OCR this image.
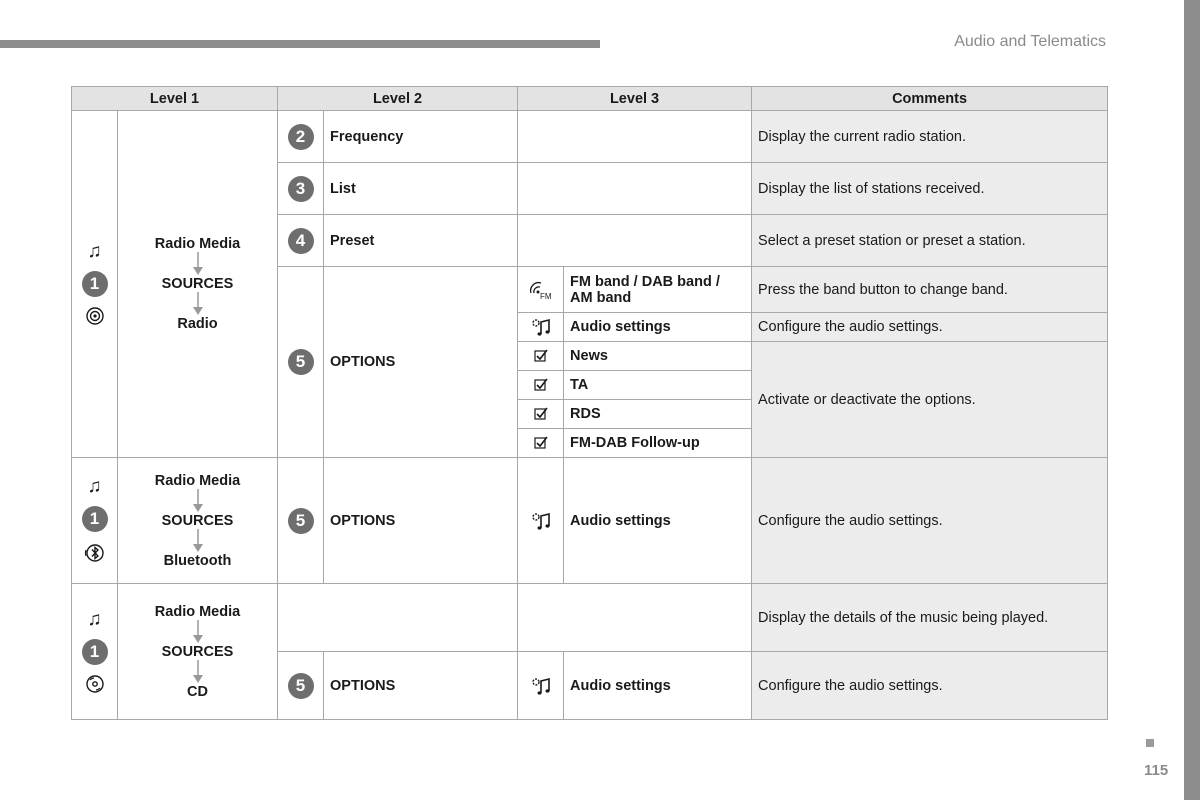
Audio and Telematics
Level 1		Level 2		Level 3		Comments

♫
1	Radio Media
SOURCES
Radio	2	Frequency			Display the current radio station.
		3	List			Display the list of stations received.
		4	Preset			Select a preset station or preset a station.
		5	OPTIONS	FM	FM band / DAB band / AM band	Press the band button to change band.
	Audio settings	Configure the audio settings.
	News	Activate or deactivate the options.
	TA	
	RDS	
	FM-DAB Follow-up	

♫
1	Radio Media
SOURCES
Bluetooth	5	OPTIONS		Audio settings	Configure the audio settings.

♫
1	Radio Media
SOURCES
CD					Display the details of the music being played.
		5	OPTIONS		Audio settings	Configure the audio settings.
115
